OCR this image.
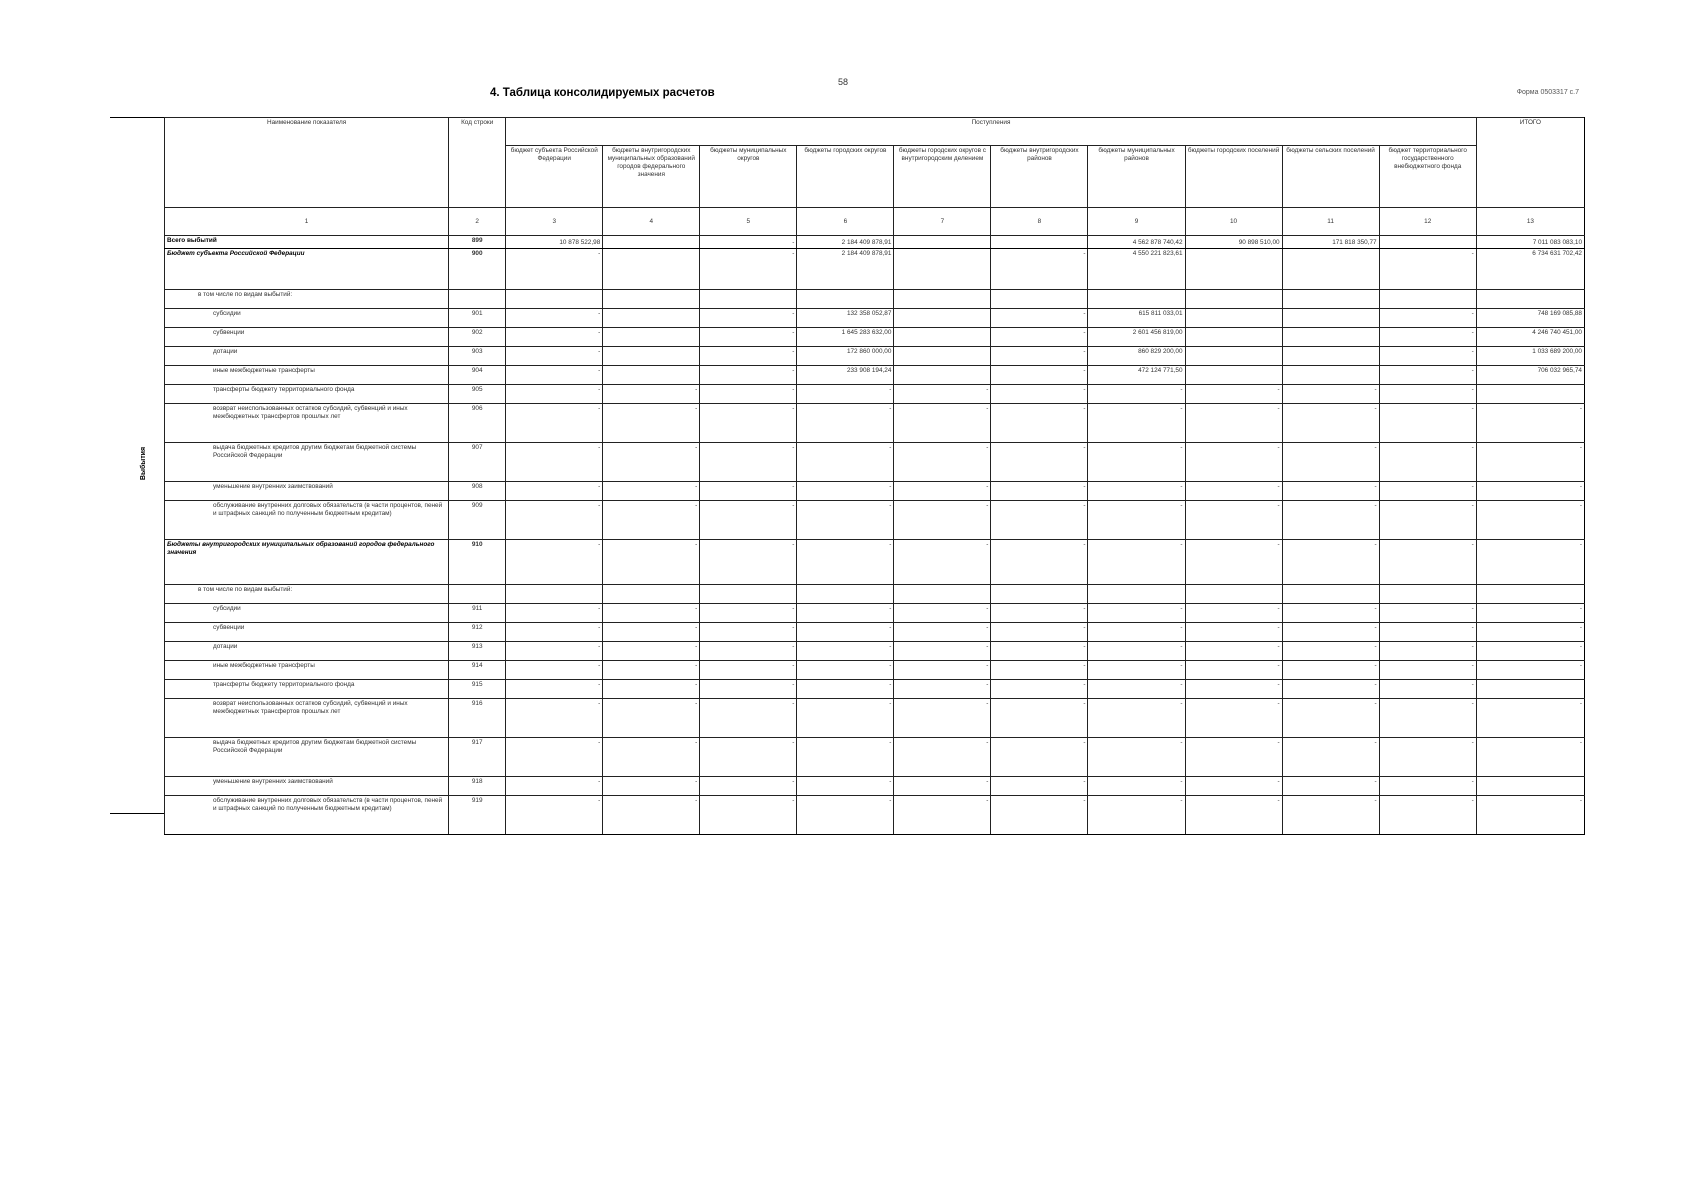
58
4. Таблица консолидируемых расчетов	Форма 0503317 с.7
Выбытия
Наименование показателя	Код строки	Поступления										ИТОГО
		бюджет субъекта Российской Федерации	бюджеты внутригородских муниципальных образований городов федерального значения	бюджеты муниципальных округов	бюджеты городских округов	бюджеты городских округов с внутригородским делением	бюджеты внутригородских районов	бюджеты муниципальных районов	бюджеты городских поселений	бюджеты сельских поселений	бюджет территориального государственного внебюджетного фонда	
1	2	3	4	5	6	7	8	9	10	11	12	13
Всего выбытий	899	10 878 522,98		-	2 184 409 878,91			4 562 878 740,42	90 898 510,00	171 818 350,77		7 011 083 083,10
Бюджет субъекта Российской Федерации	900	-		-	2 184 409 878,91		-	4 550 221 823,61			-	6 734 631 702,42
в том числе по видам выбытий:												
субсидии	901	-		-	132 358 052,87		-	615 811 033,01			-	748 169 085,88
субвенции	902	-		-	1 645 283 632,00		-	2 601 456 819,00			-	4 246 740 451,00
дотации	903	-		-	172 860 000,00		-	860 829 200,00			-	1 033 689 200,00
иные межбюджетные трансферты	904	-		-	233 908 194,24		-	472 124 771,50			-	706 032 965,74
трансферты бюджету территориального фонда	905	-	-	-	-	-	-	-	-	-	-	
возврат неиспользованных остатков субсидий, субвенций и иных межбюджетных трансфертов прошлых лет	906	-	-	-	-	-	-	-	-	-	-	-
выдача бюджетных кредитов другим бюджетам бюджетной системы Российской Федерации	907	-	-	-	-	-	-	-	-	-	-	-
уменьшение внутренних заимствований	908	-	-	-	-	-	-	-	-	-	-	-
обслуживание внутренних долговых обязательств (в части процентов, пеней и штрафных санкций по полученным бюджетным кредитам)	909	-	-	-	-	-	-	-	-	-	-	-
Бюджеты внутригородских муниципальных образований городов федерального значения	910	-	-	-	-	-	-	-	-	-	-	-
в том числе по видам выбытий:												
субсидии	911	-	-	-	-	-	-	-	-	-	-	-
субвенции	912	-	-	-	-	-	-	-	-	-	-	-
дотации	913	-	-	-	-	-	-	-	-	-	-	-
иные межбюджетные трансферты	914	-	-	-	-	-	-	-	-	-	-	-
трансферты бюджету территориального фонда	915	-	-	-	-	-	-	-	-	-	-	
возврат неиспользованных остатков субсидий, субвенций и иных межбюджетных трансфертов прошлых лет	916	-	-	-	-	-	-	-	-	-	-	-
выдача бюджетных кредитов другим бюджетам бюджетной системы Российской Федерации	917	-	-	-	-	-	-	-	-	-	-	-
уменьшение внутренних заимствований	918	-	-	-	-	-	-	-	-	-	-	
обслуживание внутренних долговых обязательств (в части процентов, пеней и штрафных санкций по полученным бюджетным кредитам)	919	-	-	-	-	-	-	-	-	-	-	-
